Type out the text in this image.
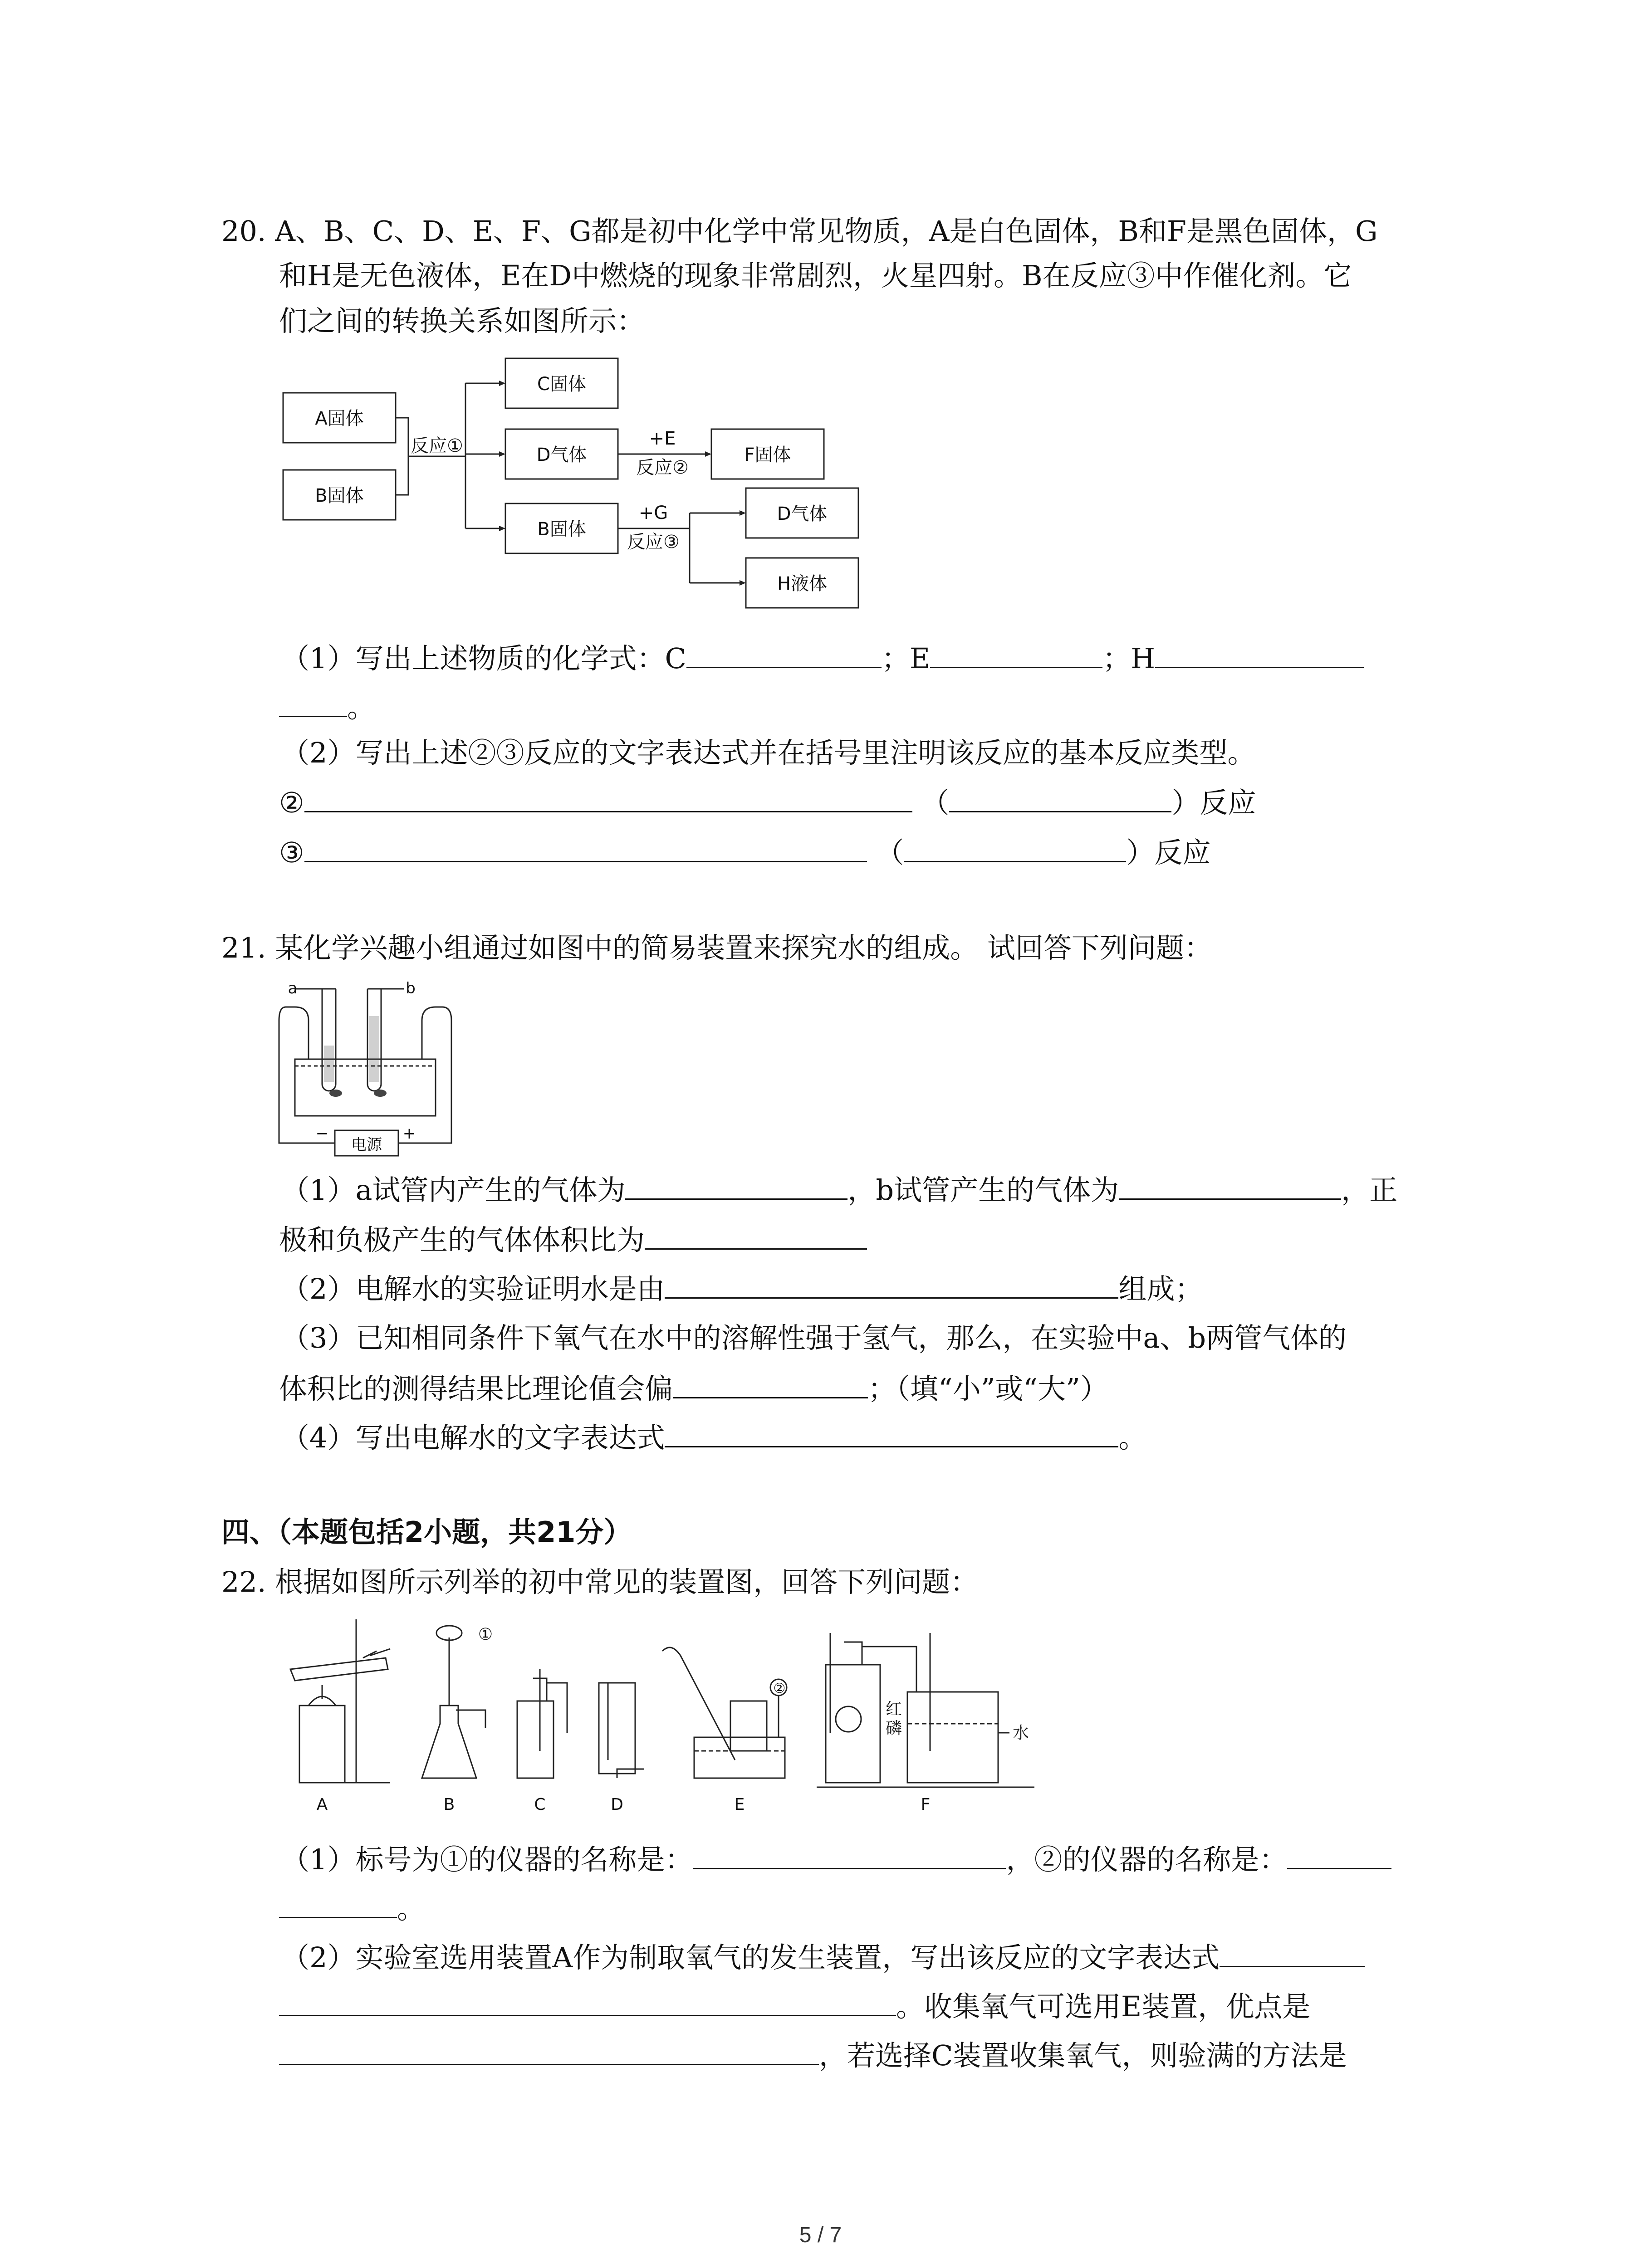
20. A、B、C、D、E、F、G都是初中化学中常见物质，A是白色固体，B和F是黑色固体，G
和H是无色液体，E在D中燃烧的现象非常剧烈，火星四射。B在反应③中作催化剂。它
们之间的转换关系如图所示：
A固体
B固体
反应①
C固体
D气体
B固体
+E
反应②
F固体
+G
反应③
D气体
H液体
（1）写出上述物质的化学式：C	；E	；H
。
（2）写出上述②③反应的文字表达式并在括号里注明该反应的基本反应类型。
②	（	）反应
③	（	）反应
21. 某化学兴趣小组通过如图中的简易装置来探究水的组成。 试回答下列问题：
a	b
电源
−	+
（1）a试管内产生的气体为	，b试管产生的气体为	，正
极和负极产生的气体体积比为
（2）电解水的实验证明水是由	组成；
（3）已知相同条件下氧气在水中的溶解性强于氢气，那么，在实验中a、b两管气体的
体积比的测得结果比理论值会偏	；（填“小”或“大”）
（4）写出电解水的文字表达式	。
四、（本题包括2小题，共21分）
22. 根据如图所示列举的初中常见的装置图，回答下列问题：
A	B	C	D	E	F
①
②
红
磷	水
（1）标号为①的仪器的名称是：	，②的仪器的名称是：
。
（2）实验室选用装置A作为制取氧气的发生装置，写出该反应的文字表达式
。收集氧气可选用E装置，优点是
，若选择C装置收集氧气，则验满的方法是
5 / 7
